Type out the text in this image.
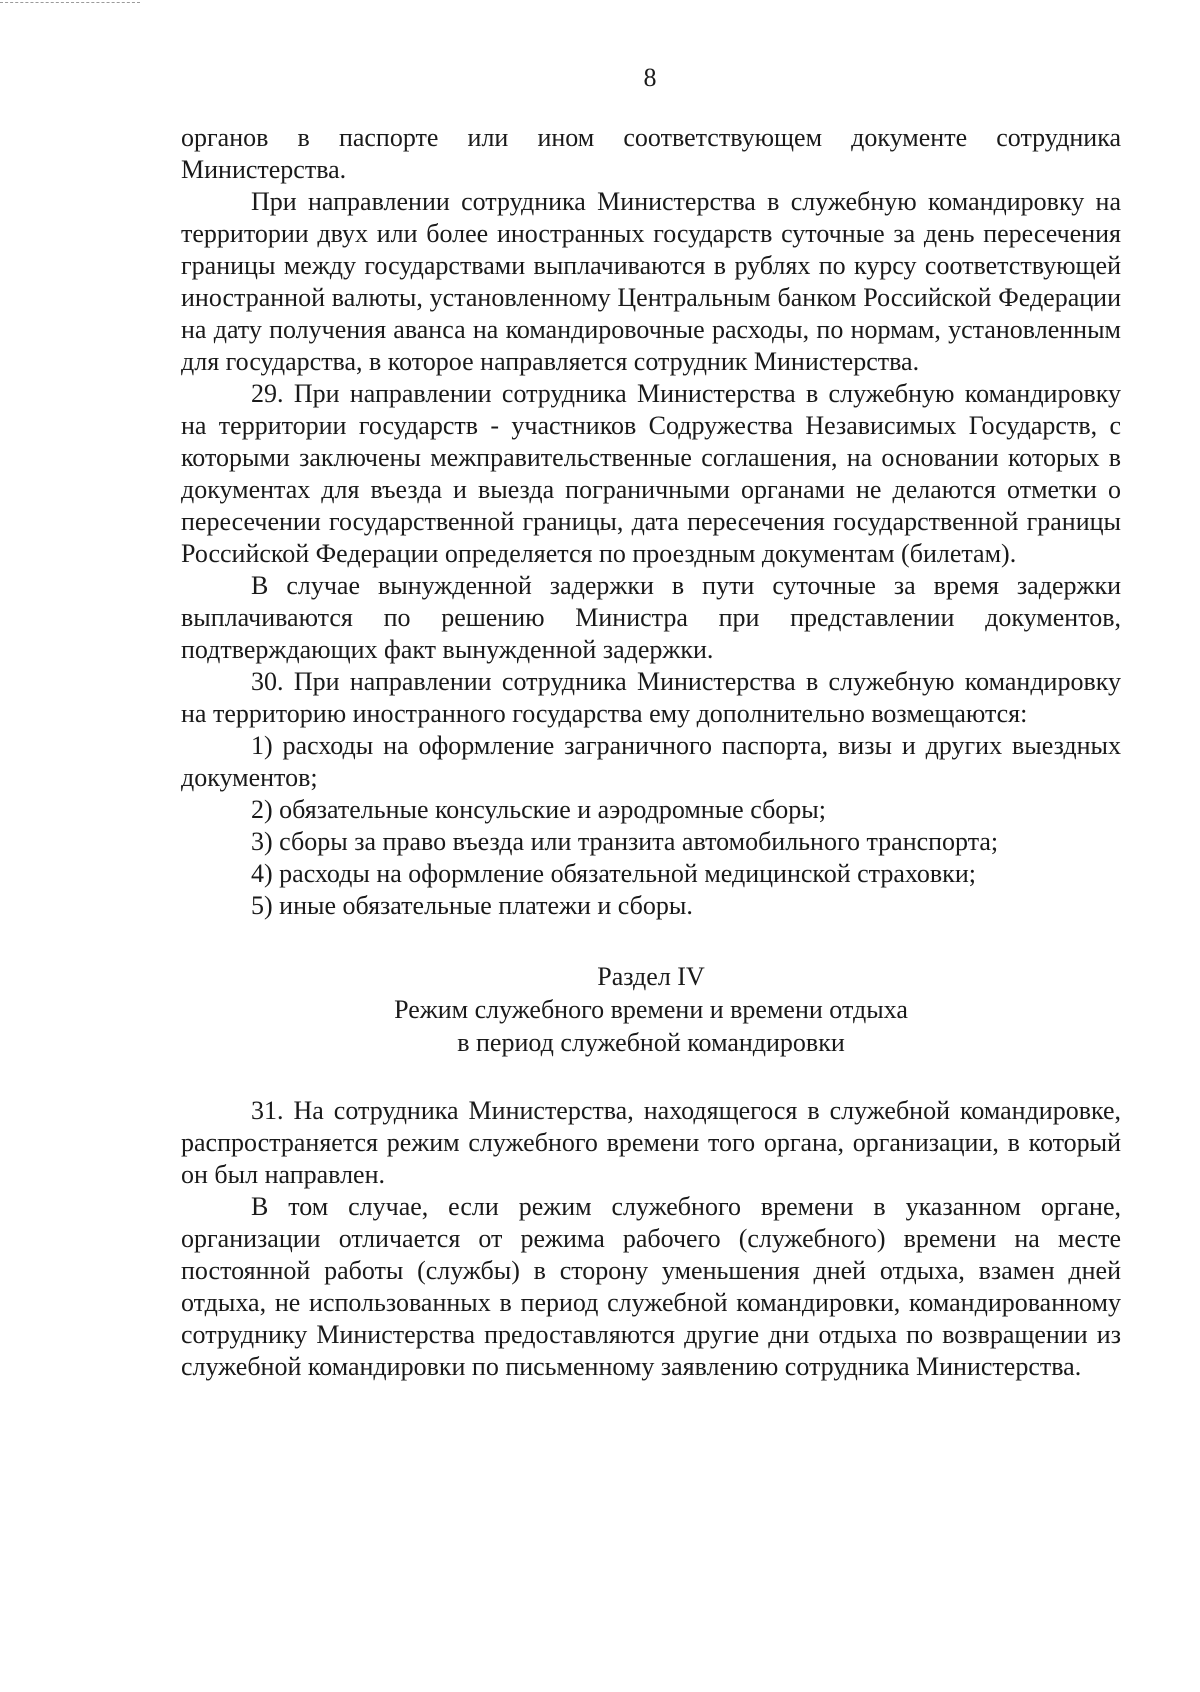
8

органов в паспорте или ином соответствующем документе сотрудника Министерства.

При направлении сотрудника Министерства в служебную командировку на территории двух или более иностранных государств суточные за день пересечения границы между государствами выплачиваются в рублях по курсу соответствующей иностранной валюты, установленному Центральным банком Российской Федерации на дату получения аванса на командировочные расходы, по нормам, установленным для государства, в которое направляется сотрудник Министерства.

29. При направлении сотрудника Министерства в служебную командировку на территории государств - участников Содружества Независимых Государств, с которыми заключены межправительственные соглашения, на основании которых в документах для въезда и выезда пограничными органами не делаются отметки о пересечении государственной границы, дата пересечения государственной границы Российской Федерации определяется по проездным документам (билетам).

В случае вынужденной задержки в пути суточные за время задержки выплачиваются по решению Министра при представлении документов, подтверждающих факт вынужденной задержки.

30. При направлении сотрудника Министерства в служебную командировку на территорию иностранного государства ему дополнительно возмещаются:

1) расходы на оформление заграничного паспорта, визы и других выездных документов;

2) обязательные консульские и аэродромные сборы;

3) сборы за право въезда или транзита автомобильного транспорта;

4) расходы на оформление обязательной медицинской страховки;

5) иные обязательные платежи и сборы.

Раздел IV
Режим служебного времени и времени отдыха
в период служебной командировки

31. На сотрудника Министерства, находящегося в служебной командировке, распространяется режим служебного времени того органа, организации, в который он был направлен.

В том случае, если режим служебного времени в указанном органе, организации отличается от режима рабочего (служебного) времени на месте постоянной работы (службы) в сторону уменьшения дней отдыха, взамен дней отдыха, не использованных в период служебной командировки, командированному сотруднику Министерства предоставляются другие дни отдыха по возвращении из служебной командировки по письменному заявлению сотрудника Министерства.
